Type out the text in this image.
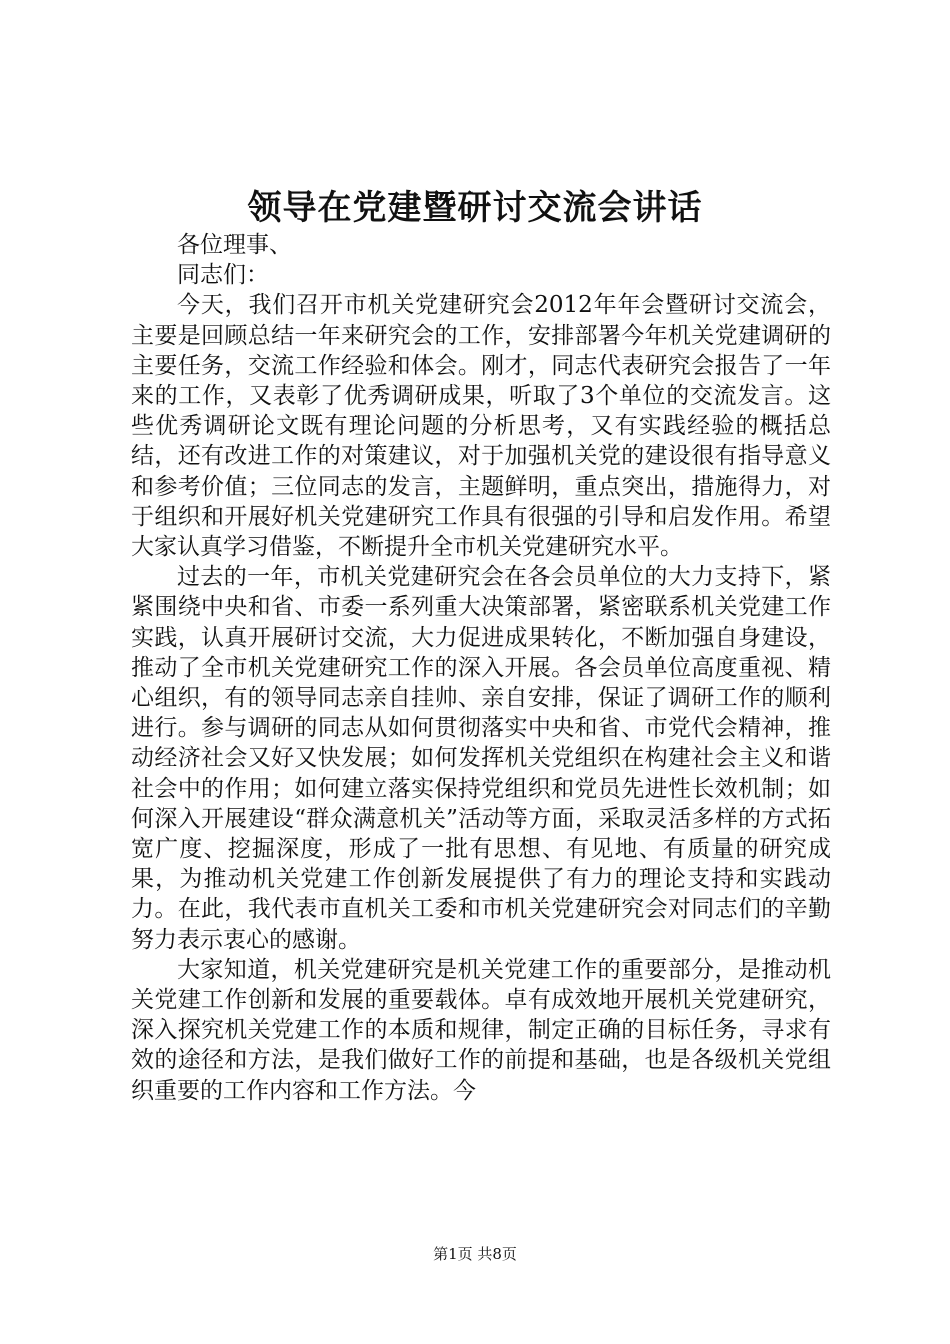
领导在党建暨研讨交流会讲话

各位理事、

同志们：

今天，我们召开市机关党建研究会2012年年会暨研讨交流会，主要是回顾总结一年来研究会的工作，安排部署今年机关党建调研的主要任务，交流工作经验和体会。刚才，同志代表研究会报告了一年来的工作，又表彰了优秀调研成果，听取了3个单位的交流发言。这些优秀调研论文既有理论问题的分析思考，又有实践经验的概括总结，还有改进工作的对策建议，对于加强机关党的建设很有指导意义和参考价值；三位同志的发言，主题鲜明，重点突出，措施得力，对于组织和开展好机关党建研究工作具有很强的引导和启发作用。希望大家认真学习借鉴，不断提升全市机关党建研究水平。

过去的一年，市机关党建研究会在各会员单位的大力支持下，紧紧围绕中央和省、市委一系列重大决策部署，紧密联系机关党建工作实践，认真开展研讨交流，大力促进成果转化，不断加强自身建设，推动了全市机关党建研究工作的深入开展。各会员单位高度重视、精心组织，有的领导同志亲自挂帅、亲自安排，保证了调研工作的顺利进行。参与调研的同志从如何贯彻落实中央和省、市党代会精神，推动经济社会又好又快发展；如何发挥机关党组织在构建社会主义和谐社会中的作用；如何建立落实保持党组织和党员先进性长效机制；如何深入开展建设“群众满意机关”活动等方面，采取灵活多样的方式拓宽广度、挖掘深度，形成了一批有思想、有见地、有质量的研究成果，为推动机关党建工作创新发展提供了有力的理论支持和实践动力。在此，我代表市直机关工委和市机关党建研究会对同志们的辛勤努力表示衷心的感谢。

大家知道，机关党建研究是机关党建工作的重要部分，是推动机关党建工作创新和发展的重要载体。卓有成效地开展机关党建研究，深入探究机关党建工作的本质和规律，制定正确的目标任务，寻求有效的途径和方法，是我们做好工作的前提和基础，也是各级机关党组织重要的工作内容和工作方法。今

第1页 共8页
